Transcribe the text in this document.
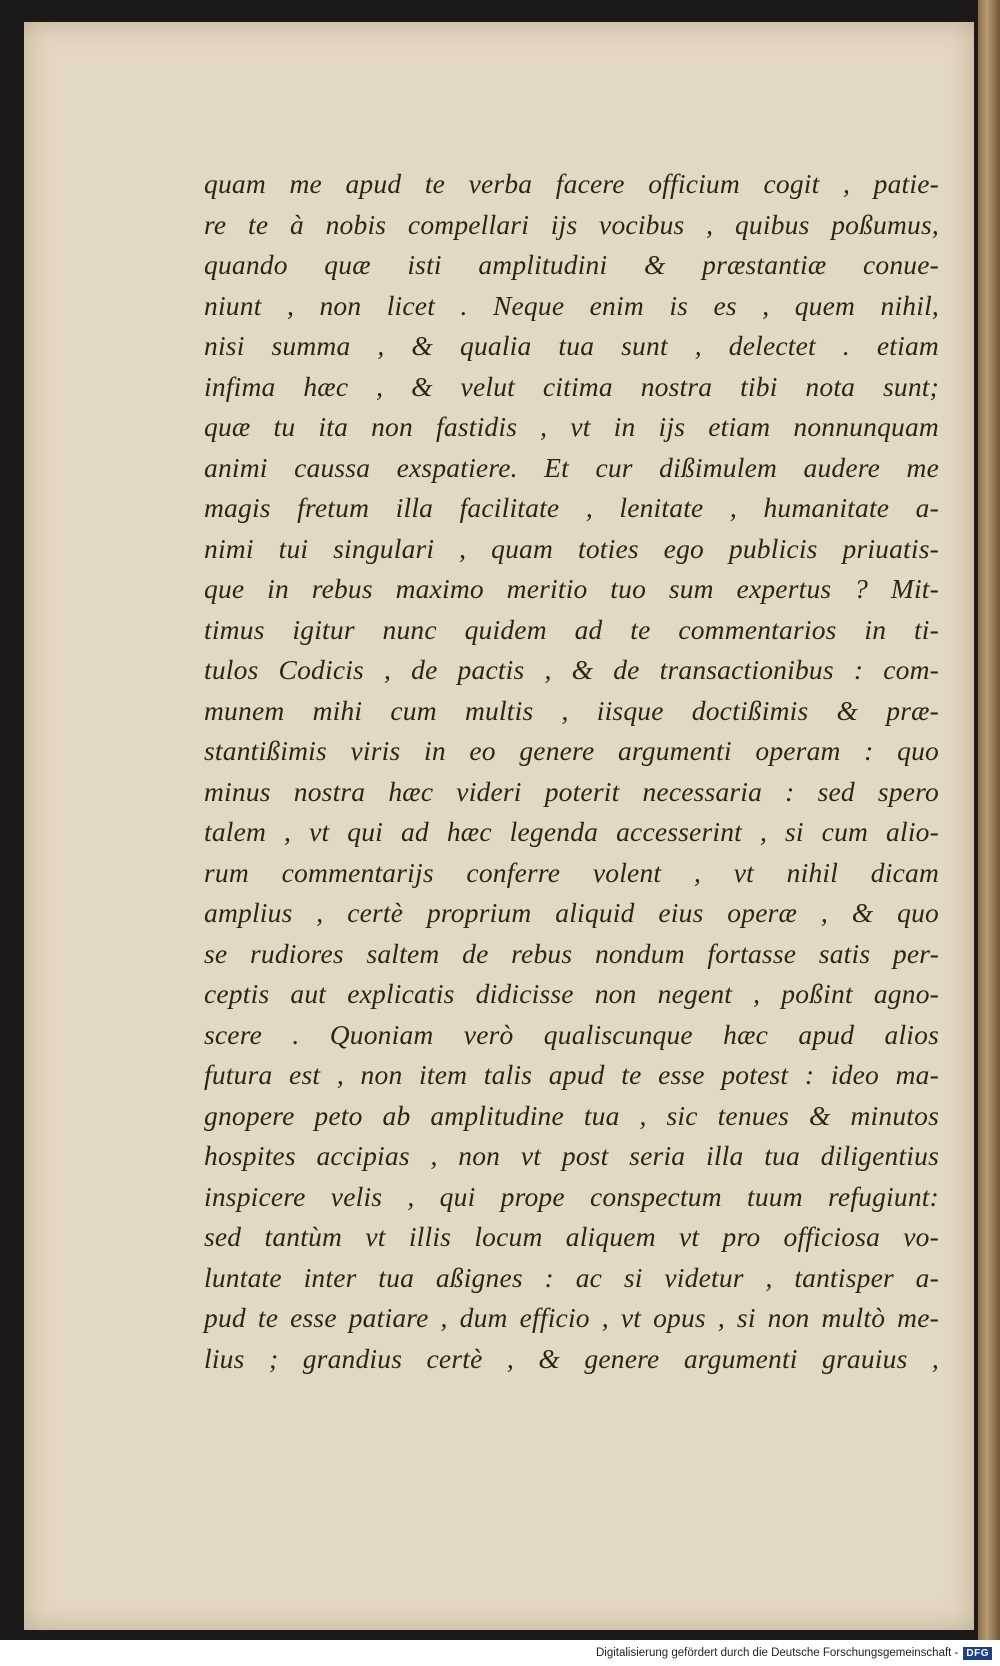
quam me apud te verba facere officium cogit , patie-
re te à nobis compellari ijs vocibus , quibus poßumus,
quando quæ isti amplitudini & præstantiæ conue-
niunt , non licet . Neque enim is es , quem nihil,
nisi summa , & qualia tua sunt , delectet . etiam
infima hæc , & velut citima nostra tibi nota sunt;
quæ tu ita non fastidis , vt in ijs etiam nonnunquam
animi caussa exspatiere. Et cur dißimulem audere me
magis fretum illa facilitate , lenitate , humanitate a-
nimi tui singulari , quam toties ego publicis priuatis-
que in rebus maximo meritio tuo sum expertus ? Mit-
timus igitur nunc quidem ad te commentarios in ti-
tulos Codicis , de pactis , & de transactionibus : com-
munem mihi cum multis , iisque doctißimis & præ-
stantißimis viris in eo genere argumenti operam : quo
minus nostra hæc videri poterit necessaria : sed spero
talem , vt qui ad hæc legenda accesserint , si cum alio-
rum commentarijs conferre volent , vt nihil dicam
amplius , certè proprium aliquid eius operæ , & quo
se rudiores saltem de rebus nondum fortasse satis per-
ceptis aut explicatis didicisse non negent , poßint agno-
scere . Quoniam verò qualiscunque hæc apud alios
futura est , non item talis apud te esse potest : ideo ma-
gnopere peto ab amplitudine tua , sic tenues & minutos
hospites accipias , non vt post seria illa tua diligentius
inspicere velis , qui prope conspectum tuum refugiunt:
sed tantùm vt illis locum aliquem vt pro officiosa vo-
luntate inter tua aßignes : ac si videtur , tantisper a-
pud te esse patiare , dum efficio , vt opus , si non multò me-
lius ; grandius certè , & genere argumenti grauius ,
Digitalisierung gefördert durch die Deutsche Forschungsgemeinschaft - DFG
